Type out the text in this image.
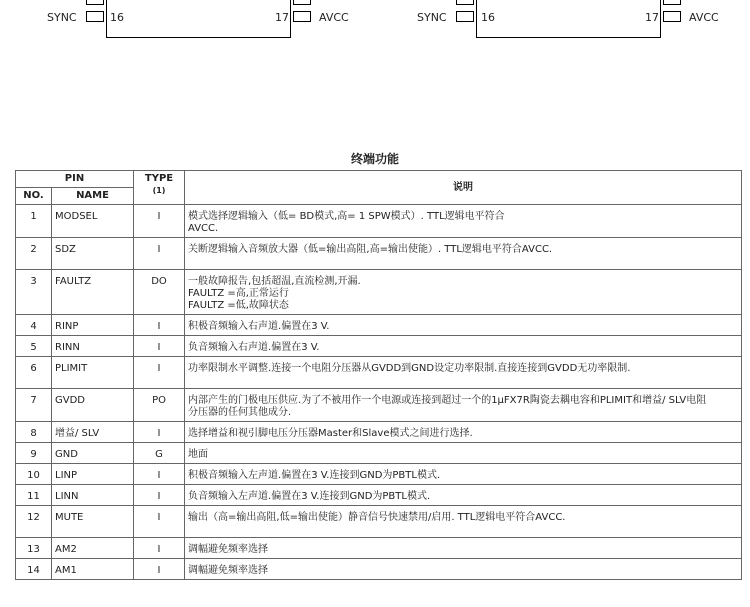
SYNC	16	17	AVCC	SYNC	16	17	AVCC
终端功能
PIN		TYPE $^{(1)}$	说明
NO.	NAME		
1	MODSEL	I	模式选择逻辑输入（低= BD模式,高= 1 SPW模式）. TTL逻辑电平符合
AVCC.

2	SDZ	I	关断逻辑输入音频放大器（低=输出高阻,高=输出使能）. TTL逻辑电平符合AVCC.

3	FAULTZ	DO	一般故障报告,包括超温,直流检测,开漏.
FAULTZ =高,正常运行
FAULTZ =低,故障状态

4	RINP	I	积极音频输入右声道.偏置在3 V.

5	RINN	I	负音频输入右声道.偏置在3 V.

6	PLIMIT	I	功率限制水平调整.连接一个电阻分压器从GVDD到GND设定功率限制.直接连接到GVDD无功率限制.

7	GVDD	PO	内部产生的门极电压供应.为了不被用作一个电源或连接到超过一个的1μFX7R陶瓷去耦电容和PLIMIT和增益/ SLV电阻
分压器的任何其他成分.

8	增益/ SLV	I	选择增益和视引脚电压分压器Master和Slave模式之间进行选择.

9	GND	G	地面

10	LINP	I	积极音频输入左声道.偏置在3 V.连接到GND为PBTL模式.

11	LINN	I	负音频输入左声道.偏置在3 V.连接到GND为PBTL模式.

12	MUTE	I	输出（高=输出高阻,低=输出使能）静音信号快速禁用/启用. TTL逻辑电平符合AVCC.

13	AM2	I	调幅避免频率选择

14	AM1	I	调幅避免频率选择
